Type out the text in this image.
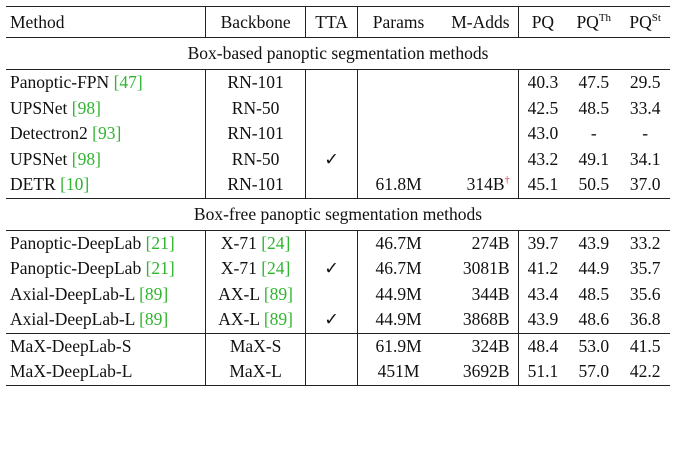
Method	Backbone	TTA	Params	M-Adds	PQ	$PQ^{Th}$	$PQ^{St}$
Box-based panoptic segmentation methods							
Panoptic-FPN [47]	RN-101				40.3	47.5	29.5
UPSNet [98]	RN-50				42.5	48.5	33.4
Detectron2 [93]	RN-101				43.0	-	-
UPSNet [98]	RN-50	✓			43.2	49.1	34.1
DETR [10]	RN-101		61.8M	314B†	45.1	50.5	37.0
Box-free panoptic segmentation methods							
Panoptic-DeepLab [21]	X-71 [24]		46.7M	274B	39.7	43.9	33.2
Panoptic-DeepLab [21]	X-71 [24]	✓	46.7M	3081B	41.2	44.9	35.7
Axial-DeepLab-L [89]	AX-L [89]		44.9M	344B	43.4	48.5	35.6
Axial-DeepLab-L [89]	AX-L [89]	✓	44.9M	3868B	43.9	48.6	36.8
MaX-DeepLab-S	MaX-S		61.9M	324B	48.4	53.0	41.5
MaX-DeepLab-L	MaX-L		451M	3692B	51.1	57.0	42.2
